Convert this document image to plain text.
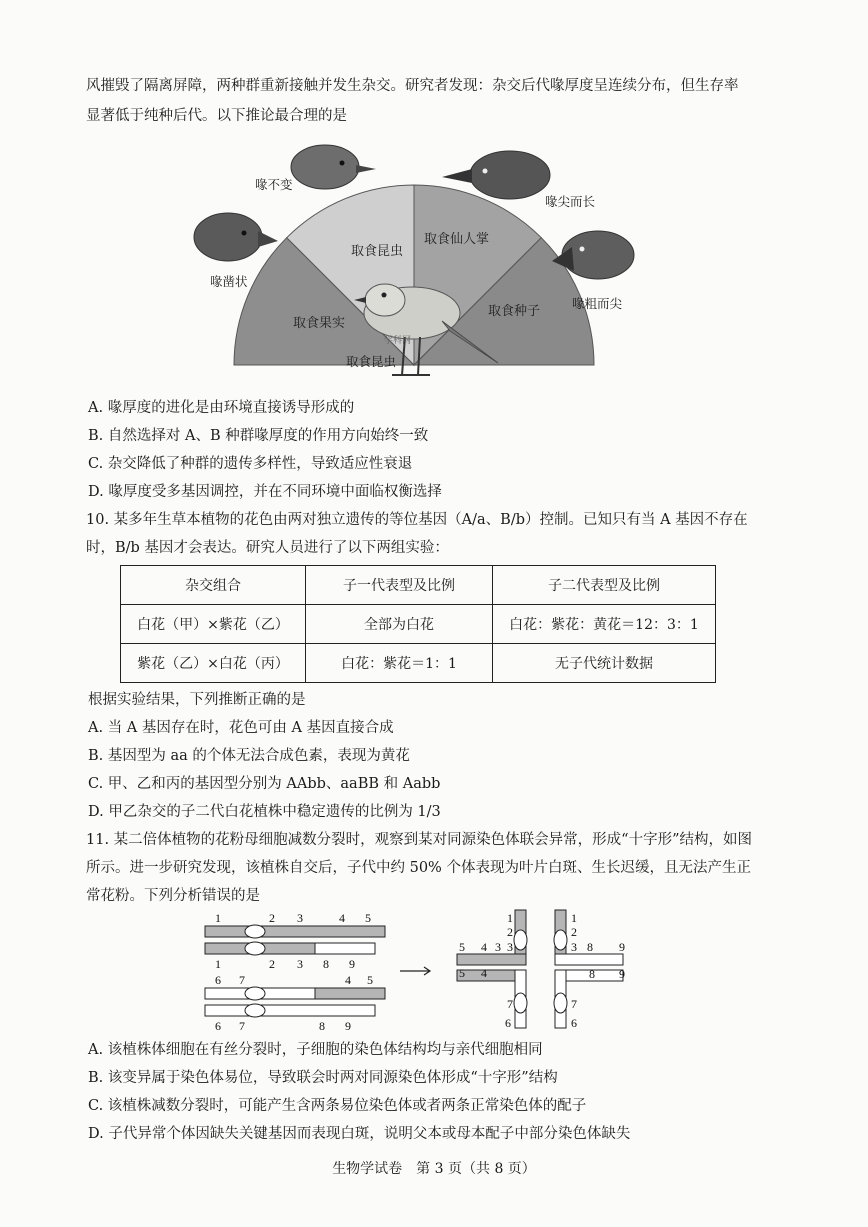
风摧毁了隔离屏障，两种群重新接触并发生杂交。研究者发现：杂交后代喙厚度呈连续分布，但生存率
显著低于纯种后代。以下推论最合理的是
取食昆虫
取食仙人掌
取食果实
取食种子
喙不变
喙尖而长
喙凿状
喙粗而尖
取食昆虫
学科网
A. 喙厚度的进化是由环境直接诱导形成的
B. 自然选择对 A、B 种群喙厚度的作用方向始终一致
C. 杂交降低了种群的遗传多样性，导致适应性衰退
D. 喙厚度受多基因调控，并在不同环境中面临权衡选择
10. 某多年生草本植物的花色由两对独立遗传的等位基因（A/a、B/b）控制。已知只有当 A 基因不存在
时，B/b 基因才会表达。研究人员进行了以下两组实验：
杂交组合	子一代表型及比例	子二代表型及比例
白花（甲）×紫花（乙）	全部为白花	白花：紫花：黄花＝12：3：1
紫花（乙）×白花（丙）	白花：紫花＝1：1	无子代统计数据
根据实验结果，下列推断正确的是
A. 当 A 基因存在时，花色可由 A 基因直接合成
B. 基因型为 aa 的个体无法合成色素，表现为黄花
C. 甲、乙和丙的基因型分别为 AAbb、aaBB 和 Aabb
D. 甲乙杂交的子二代白花植株中稳定遗传的比例为 1/3
11. 某二倍体植物的花粉母细胞减数分裂时，观察到某对同源染色体联会异常，形成“十字形”结构，如图
所示。进一步研究发现，该植株自交后，子代中约 50% 个体表现为叶片白斑、生长迟缓，且无法产生正
常花粉。下列分析错误的是
1	2 3	4 5
1	2 3 8 9
6 7	4 5
6 7	8 9
1
2
3
1
2
3
5 4 3
5 4
8 9
8 9
7
6
7
6
A. 该植株体细胞在有丝分裂时，子细胞的染色体结构均与亲代细胞相同
B. 该变异属于染色体易位，导致联会时两对同源染色体形成“十字形”结构
C. 该植株减数分裂时，可能产生含两条易位染色体或者两条正常染色体的配子
D. 子代异常个体因缺失关键基因而表现白斑，说明父本或母本配子中部分染色体缺失
生物学试卷　第 3 页（共 8 页）
